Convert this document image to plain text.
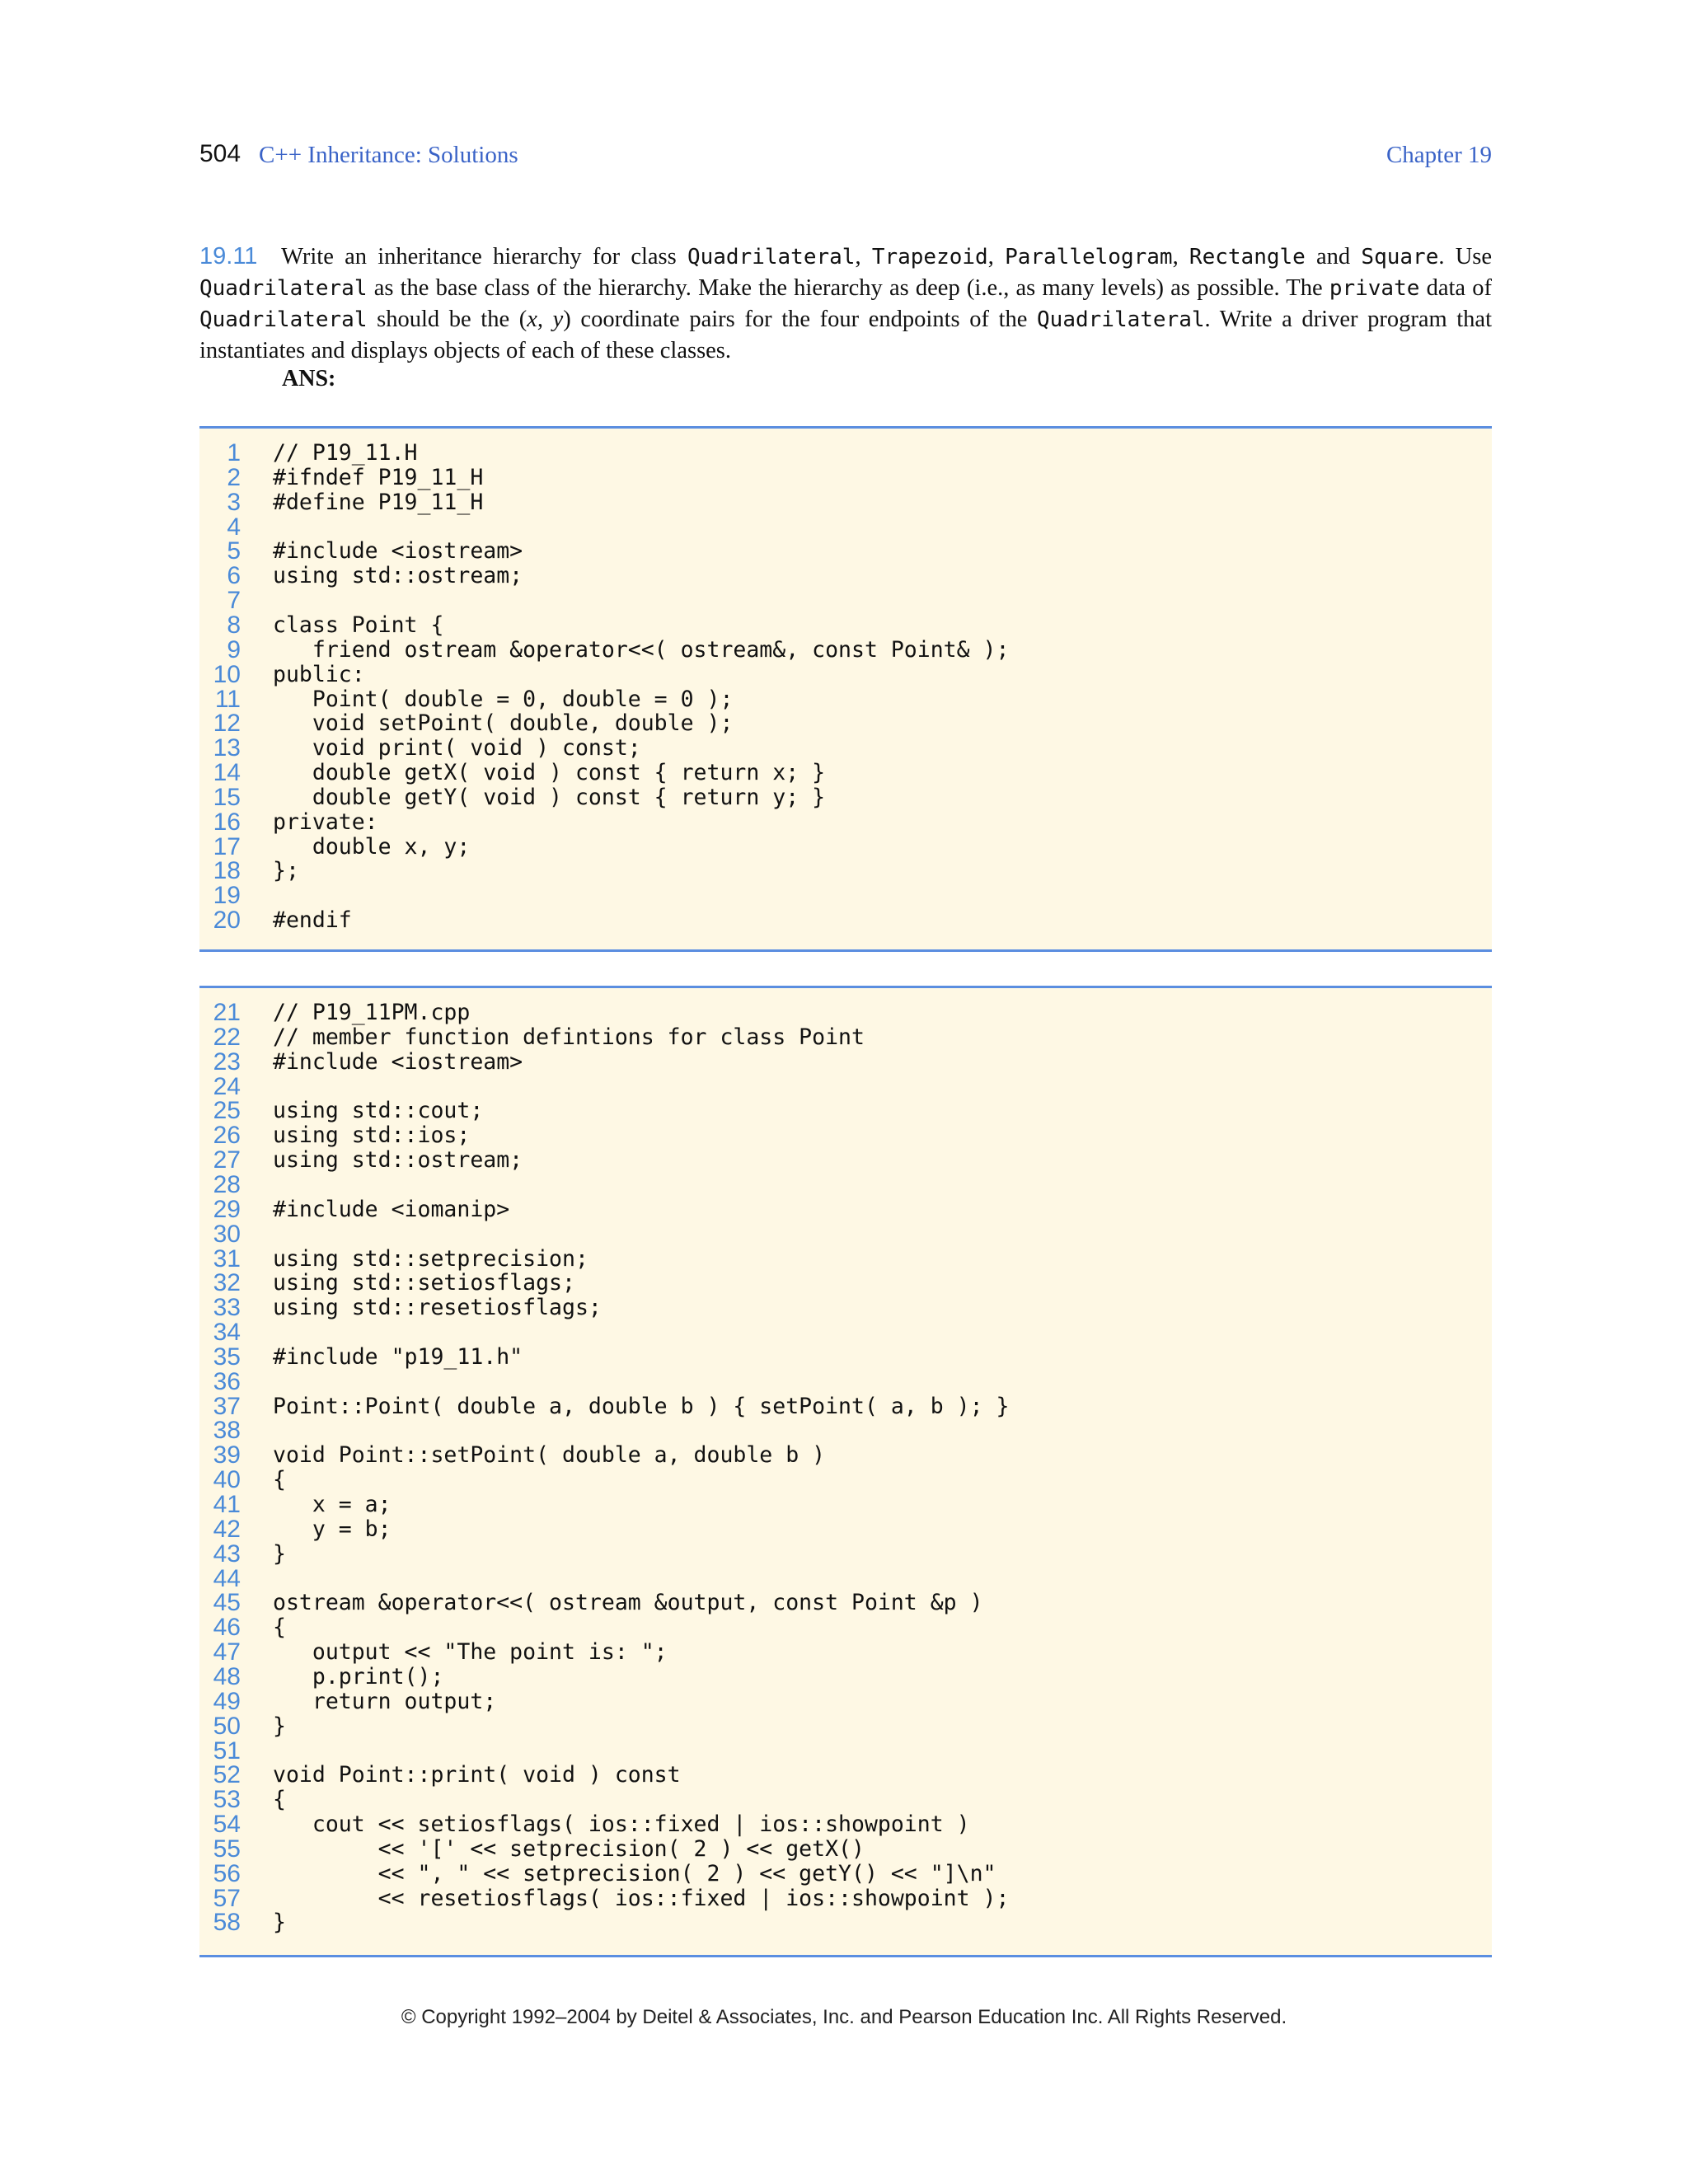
504 C++ Inheritance: Solutions	Chapter 19
19.11 Write an inheritance hierarchy for class Quadrilateral, Trapezoid, Parallelogram, Rectangle and Square. Use Quadrilateral as the base class of the hierarchy. Make the hierarchy as deep (i.e., as many levels) as possible. The private data of Quadrilateral should be the (x, y) coordinate pairs for the four endpoints of the Quadrilateral. Write a driver program that instantiates and displays objects of each of these classes.
ANS:
1 // P19_11.H
2 #ifndef P19_11_H
3 #define P19_11_H
4
5 #include <iostream>
6 using std::ostream;
7
8 class Point {
9 friend ostream &operator<<( ostream&, const Point& );
10 public:
11 Point( double = 0, double = 0 );
12 void setPoint( double, double );
13 void print( void ) const;
14 double getX( void ) const { return x; }
15 double getY( void ) const { return y; }
16 private:
17 double x, y;
18 };
19
20 #endif
21 // P19_11PM.cpp
22 // member function defintions for class Point
23 #include <iostream>
24
25 using std::cout;
26 using std::ios;
27 using std::ostream;
28
29 #include <iomanip>
30
31 using std::setprecision;
32 using std::setiosflags;
33 using std::resetiosflags;
34
35 #include "p19_11.h"
36
37 Point::Point( double a, double b ) { setPoint( a, b ); }
38
39 void Point::setPoint( double a, double b )
40 {
41 x = a;
42 y = b;
43 }
44
45 ostream &operator<<( ostream &output, const Point &p )
46 {
47 output << "The point is: ";
48 p.print();
49 return output;
50 }
51
52 void Point::print( void ) const
53 {
54 cout << setiosflags( ios::fixed | ios::showpoint )
55 << '[' << setprecision( 2 ) << getX()
56 << ", " << setprecision( 2 ) << getY() << "]\n"
57 << resetiosflags( ios::fixed | ios::showpoint );
58 }
© Copyright 1992–2004 by Deitel & Associates, Inc. and Pearson Education Inc. All Rights Reserved.
